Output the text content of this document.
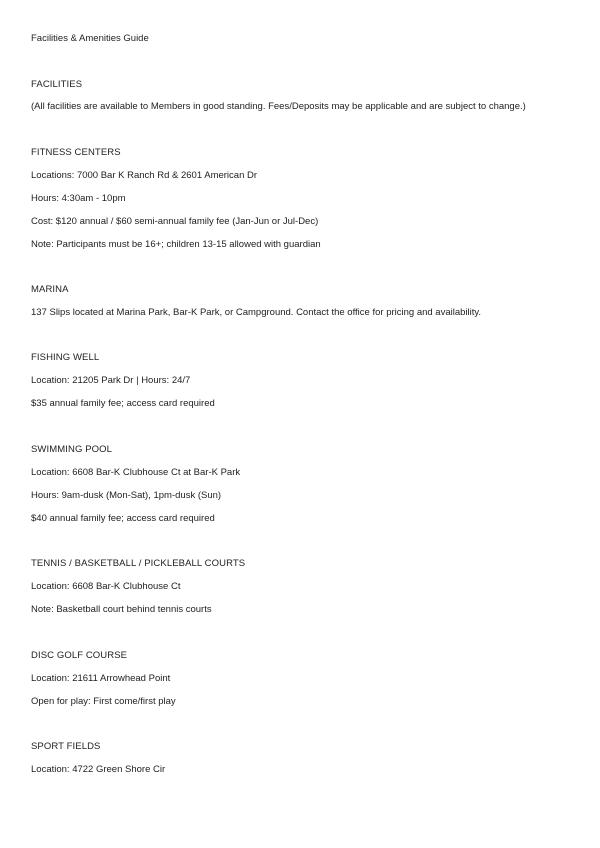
Facilities & Amenities Guide
FACILITIES
(All facilities are available to Members in good standing. Fees/Deposits may be applicable and are subject to change.)
FITNESS CENTERS
Locations: 7000 Bar K Ranch Rd & 2601 American Dr
Hours: 4:30am - 10pm
Cost: $120 annual / $60 semi-annual family fee (Jan-Jun or Jul-Dec)
Note: Participants must be 16+; children 13-15 allowed with guardian
MARINA
137 Slips located at Marina Park, Bar-K Park, or Campground. Contact the office for pricing and availability.
FISHING WELL
Location: 21205 Park Dr | Hours: 24/7
$35 annual family fee; access card required
SWIMMING POOL
Location: 6608 Bar-K Clubhouse Ct at Bar-K Park
Hours: 9am-dusk (Mon-Sat), 1pm-dusk (Sun)
$40 annual family fee; access card required
TENNIS / BASKETBALL / PICKLEBALL COURTS
Location: 6608 Bar-K Clubhouse Ct
Note: Basketball court behind tennis courts
DISC GOLF COURSE
Location: 21611 Arrowhead Point
Open for play: First come/first play
SPORT FIELDS
Location: 4722 Green Shore Cir
